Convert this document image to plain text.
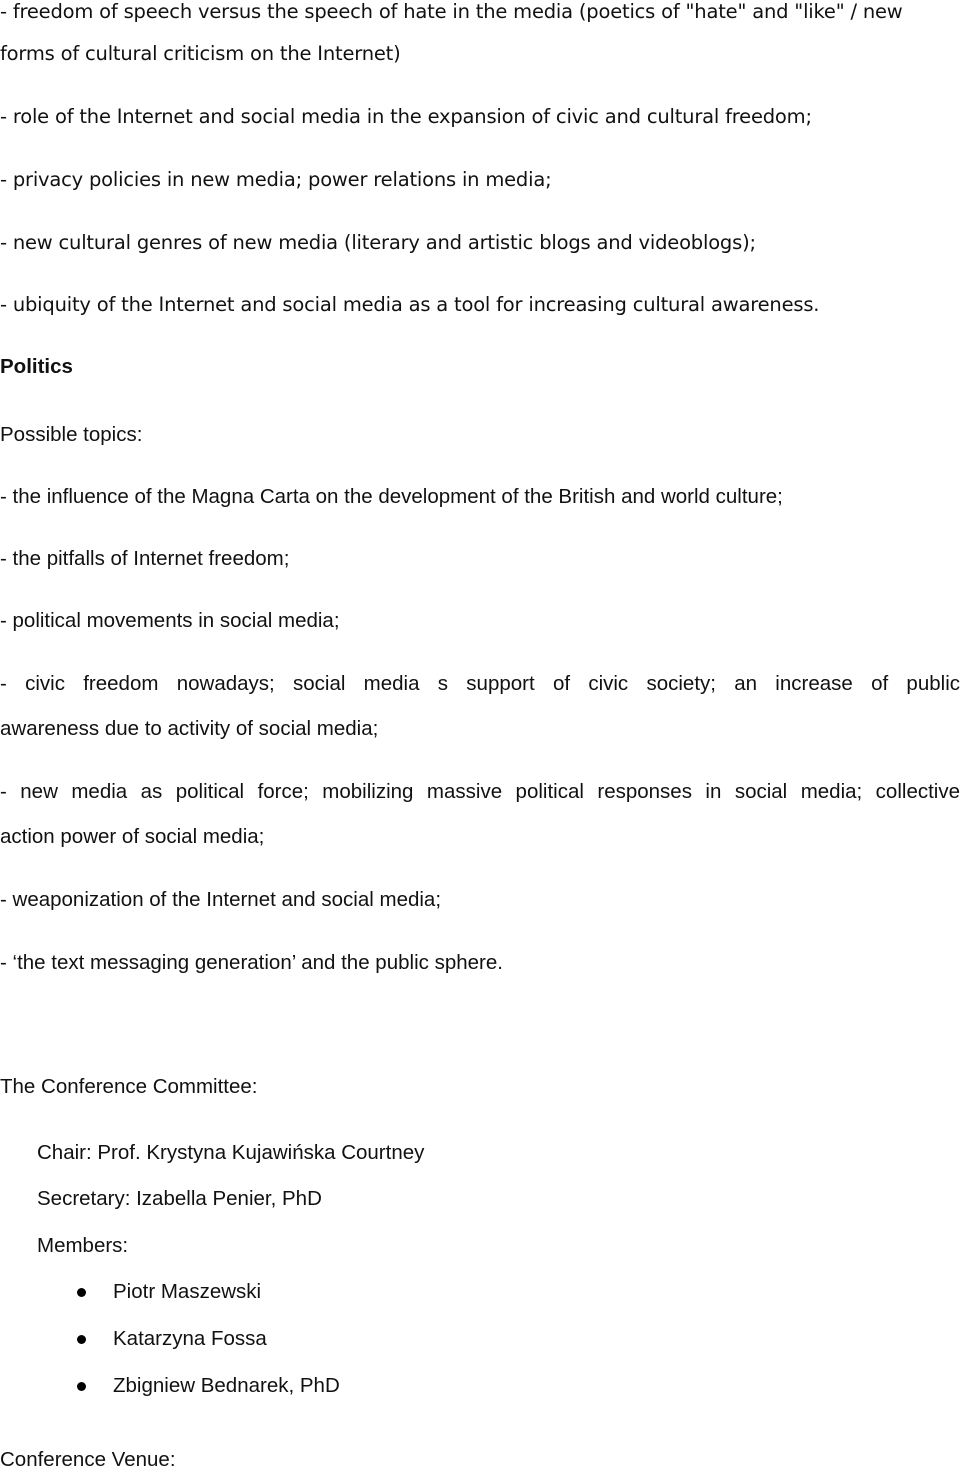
- freedom of speech versus the speech of hate in the media (poetics of "hate" and "like" / new

forms of cultural criticism on the Internet)

- role of the Internet and social media in the expansion of civic and cultural freedom;

- privacy policies in new media; power relations in media;

- new cultural genres of new media (literary and artistic blogs and videoblogs);

- ubiquity of the Internet and social media as a tool for increasing cultural awareness.

Politics

Possible topics:

- the influence of the Magna Carta on the development of the British and world culture;

- the pitfalls of Internet freedom;

- political movements in social media;

- civic freedom nowadays; social media s support of civic society; an increase of public

awareness due to activity of social media;

- new media as political force; mobilizing massive political responses in social media; collective

action power of social media;

- weaponization of the Internet and social media;

- ‘the text messaging generation’ and the public sphere.

The Conference Committee:

Chair: Prof. Krystyna Kujawińska Courtney

Secretary: Izabella Penier, PhD

Members:

Piotr Maszewski

Katarzyna Fossa

Zbigniew Bednarek, PhD

Conference Venue:
